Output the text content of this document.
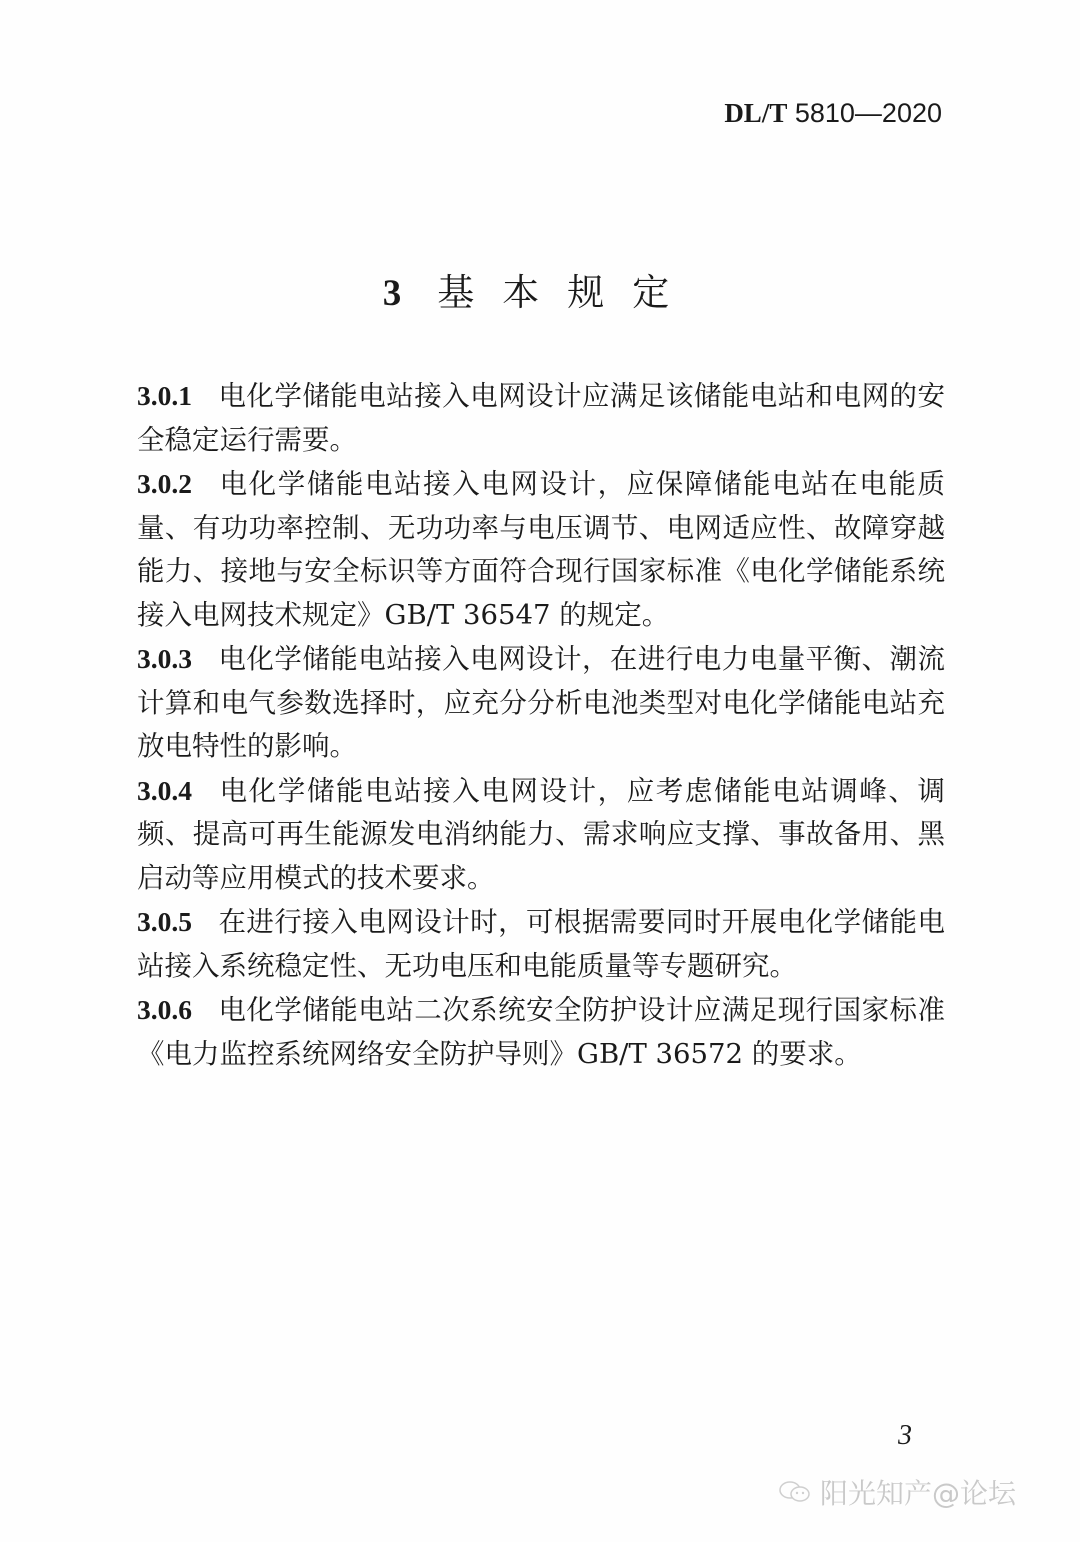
DL/T 5810—2020
3 基本规定

3.0.1 电化学储能电站接入电网设计应满足该储能电站和电网的安全稳定运行需要。

3.0.2 电化学储能电站接入电网设计，应保障储能电站在电能质量、有功功率控制、无功功率与电压调节、电网适应性、故障穿越能力、接地与安全标识等方面符合现行国家标准《电化学储能系统接入电网技术规定》GB/T 36547 的规定。

3.0.3 电化学储能电站接入电网设计，在进行电力电量平衡、潮流计算和电气参数选择时，应充分分析电池类型对电化学储能电站充放电特性的影响。

3.0.4 电化学储能电站接入电网设计，应考虑储能电站调峰、调频、提高可再生能源发电消纳能力、需求响应支撑、事故备用、黑启动等应用模式的技术要求。

3.0.5 在进行接入电网设计时，可根据需要同时开展电化学储能电站接入系统稳定性、无功电压和电能质量等专题研究。

3.0.6 电化学储能电站二次系统安全防护设计应满足现行国家标准《电力监控系统网络安全防护导则》GB/T 36572 的要求。

3
阳光知产@论坛
